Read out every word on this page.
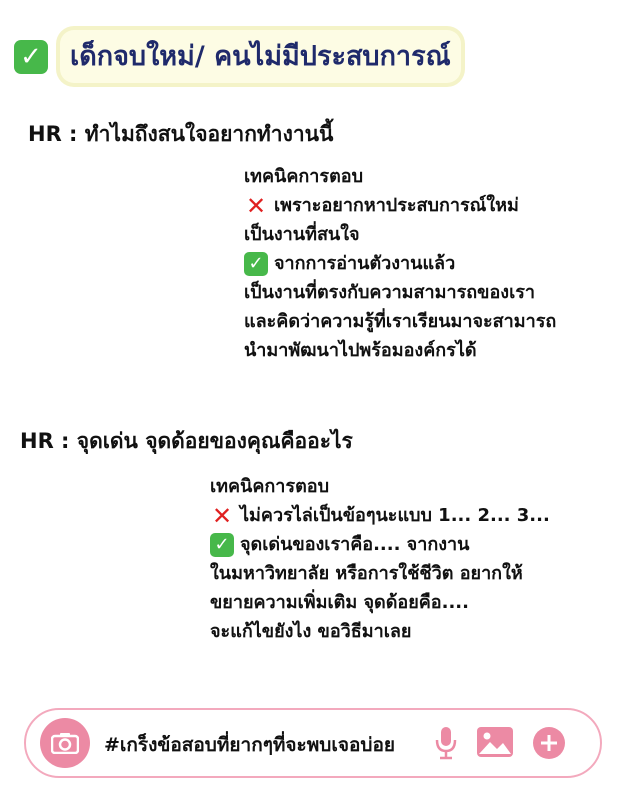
✓	เด็กจบใหม่/ คนไม่มีประสบการณ์
HR : ทำไมถึงสนใจอยากทำงานนี้
เทคนิคการตอบ
✕ เพราะอยากหาประสบการณ์ใหม่
เป็นงานที่สนใจ
✓ จากการอ่านตัวงานแล้ว
เป็นงานที่ตรงกับความสามารถของเรา
และคิดว่าความรู้ที่เราเรียนมาจะสามารถ
นำมาพัฒนาไปพร้อมองค์กรได้
HR : จุดเด่น จุดด้อยของคุณคืออะไร
เทคนิคการตอบ
✕ ไม่ควรไล่เป็นข้อๆนะแบบ 1... 2... 3...
✓ จุดเด่นของเราคือ.... จากงาน
ในมหาวิทยาลัย หรือการใช้ชีวิต อยากให้
ขยายความเพิ่มเติม จุดด้อยคือ....
จะแก้ไขยังไง ขอวิธีมาเลย
#เกร็งข้อสอบที่ยากๆที่จะพบเจอบ่อย
